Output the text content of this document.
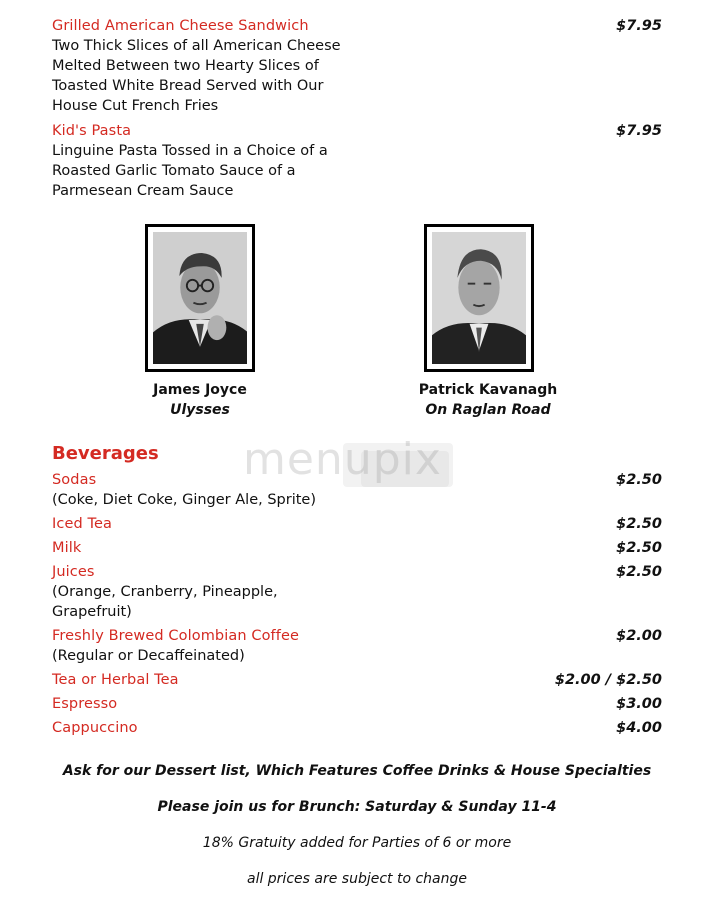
Grilled American Cheese Sandwich	$7.95
Two Thick Slices of all American Cheese
Melted Between two Hearty Slices of
Toasted White Bread Served with Our
House Cut French Fries
Kid's Pasta	$7.95
Linguine Pasta Tossed in a Choice of a
Roasted Garlic Tomato Sauce of a
Parmesean Cream Sauce
James Joyce
Ulysses
Patrick Kavanagh
On Raglan Road
menupix
Beverages
Sodas	$2.50
(Coke, Diet Coke, Ginger Ale, Sprite)
Iced Tea	$2.50
Milk	$2.50
Juices	$2.50
(Orange, Cranberry, Pineapple,
Grapefruit)
Freshly Brewed Colombian Coffee	$2.00
(Regular or Decaffeinated)
Tea or Herbal Tea	$2.00 / $2.50
Espresso	$3.00
Cappuccino	$4.00
Ask for our Dessert list, Which Features Coffee Drinks & House Specialties
Please join us for Brunch: Saturday & Sunday 11-4
18% Gratuity added for Parties of 6 or more
all prices are subject to change
